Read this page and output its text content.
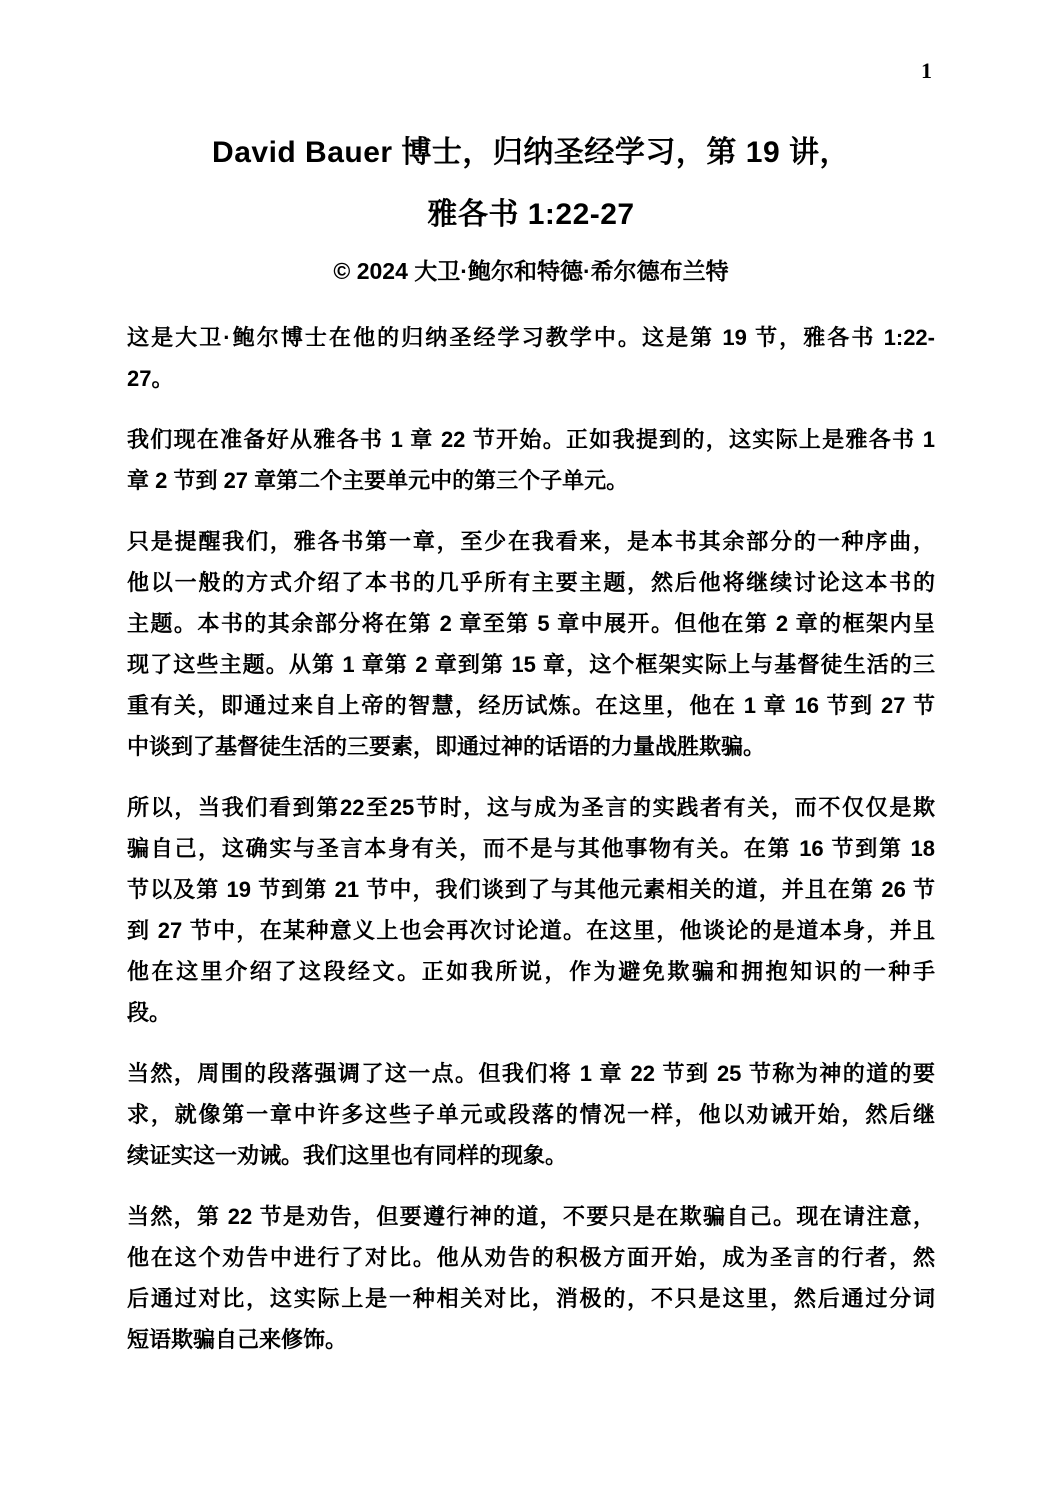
1
David Bauer 博士，归纳圣经学习，第 19 讲，
雅各书 1:22-27

© 2024 大卫·鲍尔和特德·希尔德布兰特

这是大卫·鲍尔博士在他的归纳圣经学习教学中。这是第 19 节，雅各书 1:22-
27。

我们现在准备好从雅各书 1 章 22 节开始。正如我提到的，这实际上是雅各书 1
章 2 节到 27 章第二个主要单元中的第三个子单元。

只是提醒我们，雅各书第一章，至少在我看来，是本书其余部分的一种序曲，
他以一般的方式介绍了本书的几乎所有主要主题，然后他将继续讨论这本书的
主题。本书的其余部分将在第 2 章至第 5 章中展开。但他在第 2 章的框架内呈
现了这些主题。从第 1 章第 2 章到第 15 章，这个框架实际上与基督徒生活的三
重有关，即通过来自上帝的智慧，经历试炼。在这里，他在 1 章 16 节到 27 节
中谈到了基督徒生活的三要素，即通过神的话语的力量战胜欺骗。

所以，当我们看到第22至25节时，这与成为圣言的实践者有关，而不仅仅是欺
骗自己，这确实与圣言本身有关，而不是与其他事物有关。在第 16 节到第 18
节以及第 19 节到第 21 节中，我们谈到了与其他元素相关的道，并且在第 26 节
到 27 节中，在某种意义上也会再次讨论道。在这里，他谈论的是道本身，并且
他在这里介绍了这段经文。正如我所说，作为避免欺骗和拥抱知识的一种手
段。

当然，周围的段落强调了这一点。但我们将 1 章 22 节到 25 节称为神的道的要
求，就像第一章中许多这些子单元或段落的情况一样，他以劝诫开始，然后继
续证实这一劝诫。我们这里也有同样的现象。

当然，第 22 节是劝告，但要遵行神的道，不要只是在欺骗自己。现在请注意，
他在这个劝告中进行了对比。他从劝告的积极方面开始，成为圣言的行者，然
后通过对比，这实际上是一种相关对比，消极的，不只是这里，然后通过分词
短语欺骗自己来修饰。
